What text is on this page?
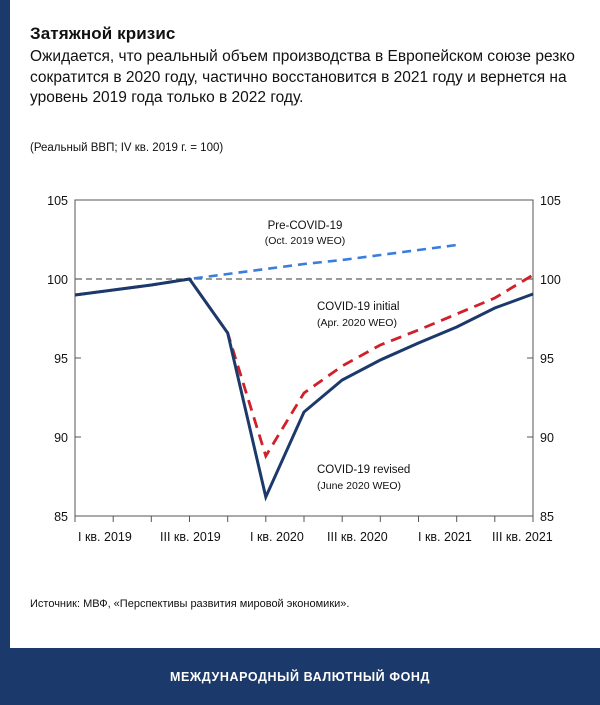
Затяжной кризис
Ожидается, что реальный объем производства в Европейском союзе резко сократится в 2020 году, частично восстановится в 2021 году и вернется на уровень 2019 года только в 2022 году.
(Реальный ВВП; IV кв. 2019 г. = 100)
105
100
95
90
85
105
100
95
90
85
Pre-COVID-19
(Oct. 2019 WEO)
COVID-19 initial
(Apr. 2020 WEO)
COVID-19 revised
(June 2020 WEO)
I кв. 2019 III кв. 2019 I кв. 2020 III кв. 2020 I кв. 2021 III кв. 2021
Источник: МВФ, «Перспективы развития мировой экономики».
МЕЖДУНАРОДНЫЙ ВАЛЮТНЫЙ ФОНД
